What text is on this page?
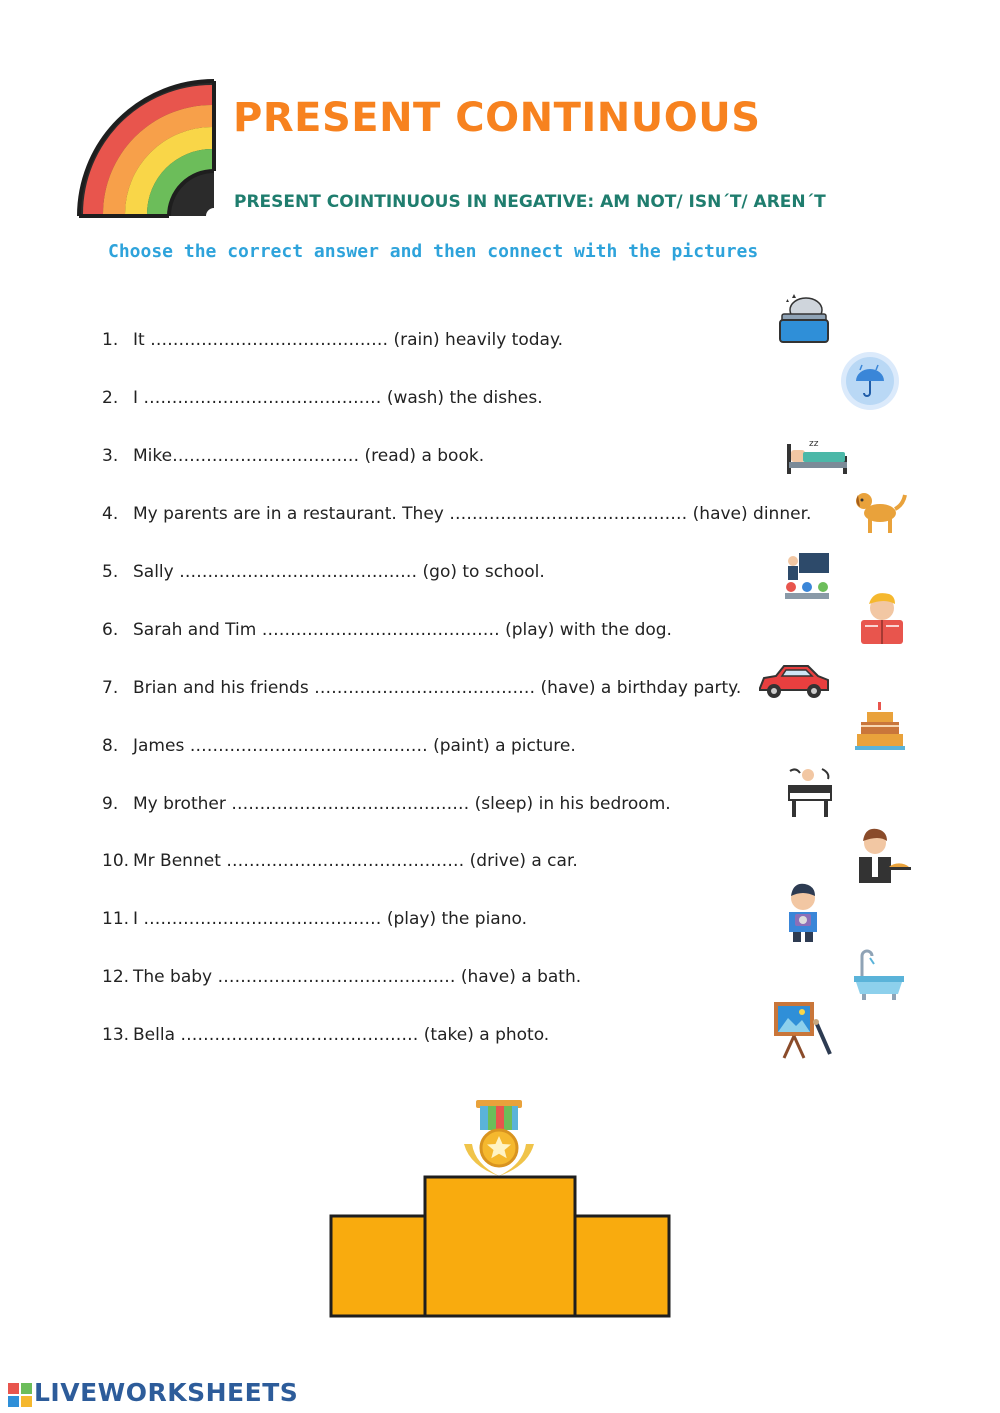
PRESENT CONTINUOUS
PRESENT COINTINUOUS IN NEGATIVE: AM NOT/ ISN´T/ AREN´T
Choose the correct answer and then connect with the pictures
1. It …………………………………… (rain) heavily today.
2. I …………………………………… (wash) the dishes.
3. Mike…………………………… (read) a book.
4. My parents are in a restaurant. They …………………………………… (have) dinner.
5. Sally …………………………………… (go) to school.
6. Sarah and Tim …………………………………… (play) with the dog.
7. Brian and his friends ………………………………… (have) a birthday party.
8. James …………………………………… (paint) a picture.
9. My brother …………………………………… (sleep) in his bedroom.
10. Mr Bennet …………………………………… (drive) a car.
11. I …………………………………… (play) the piano.
12. The baby …………………………………… (have) a bath.
13. Bella …………………………………… (take) a photo.
zz
LIVEWORKSHEETS
